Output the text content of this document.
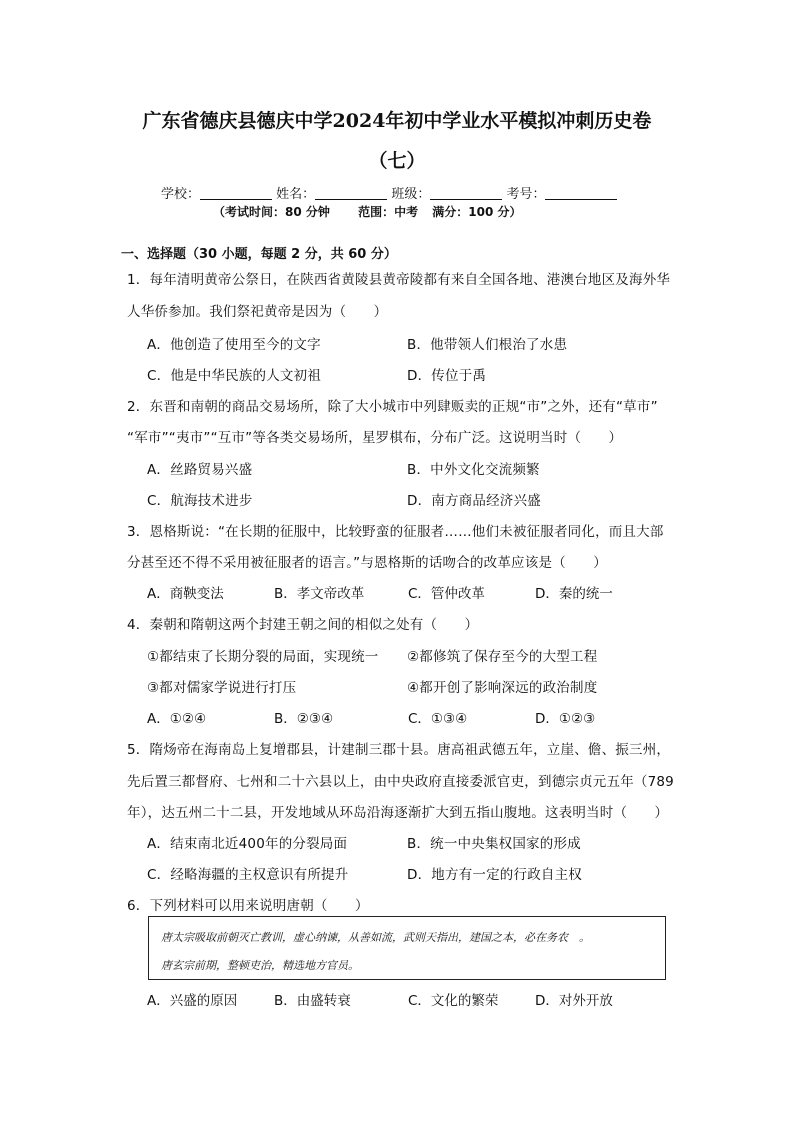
广东省德庆县德庆中学2024年初中学业水平模拟冲刺历史卷
（七）
学校：	姓名：	班级：	考号：
（考试时间：80 分钟 范围：中考 满分：100 分）
一、选择题（30 小题，每题 2 分，共 60 分）
1．每年清明黄帝公祭日，在陕西省黄陵县黄帝陵都有来自全国各地、港澳台地区及海外华
人华侨参加。我们祭祀黄帝是因为（　　）
A．他创造了使用至今的文字	B．他带领人们根治了水患
C．他是中华民族的人文初祖	D．传位于禹
2．东晋和南朝的商品交易场所，除了大小城市中列肆贩卖的正规“市”之外，还有“草市”
“军市”“夷市”“互市”等各类交易场所，星罗棋布，分布广泛。这说明当时（　　）
A．丝路贸易兴盛	B．中外文化交流频繁
C．航海技术进步	D．南方商品经济兴盛
3．恩格斯说：“在长期的征服中，比较野蛮的征服者……他们未被征服者同化，而且大部
分甚至还不得不采用被征服者的语言。”与恩格斯的话吻合的改革应该是（　　）
A．商鞅变法	B．孝文帝改革	C．管仲改革	D．秦的统一
4．秦朝和隋朝这两个封建王朝之间的相似之处有（　　）
①都结束了长期分裂的局面，实现统一 ②都修筑了保存至今的大型工程
③都对儒家学说进行打压	④都开创了影响深远的政治制度
A．①②④	B．②③④	C．①③④	D．①②③
5．隋炀帝在海南岛上复增郡县，计建制三郡十县。唐高祖武德五年，立崖、儋、振三州，
先后置三都督府、七州和二十六县以上，由中央政府直接委派官吏，到德宗贞元五年（789
年），达五州二十二县，开发地域从环岛沿海逐渐扩大到五指山腹地。这表明当时（　　）
A．结束南北近400年的分裂局面	B．统一中央集权国家的形成
C．经略海疆的主权意识有所提升	D．地方有一定的行政自主权
6．下列材料可以用来说明唐朝（　　）
唐太宗吸取前朝灭亡教训，虚心纳谏，从善如流，武则天指出，建国之本，必在务农　。
唐玄宗前期，整顿吏治，精选地方官员。
A．兴盛的原因	B．由盛转衰	C．文化的繁荣	D．对外开放
